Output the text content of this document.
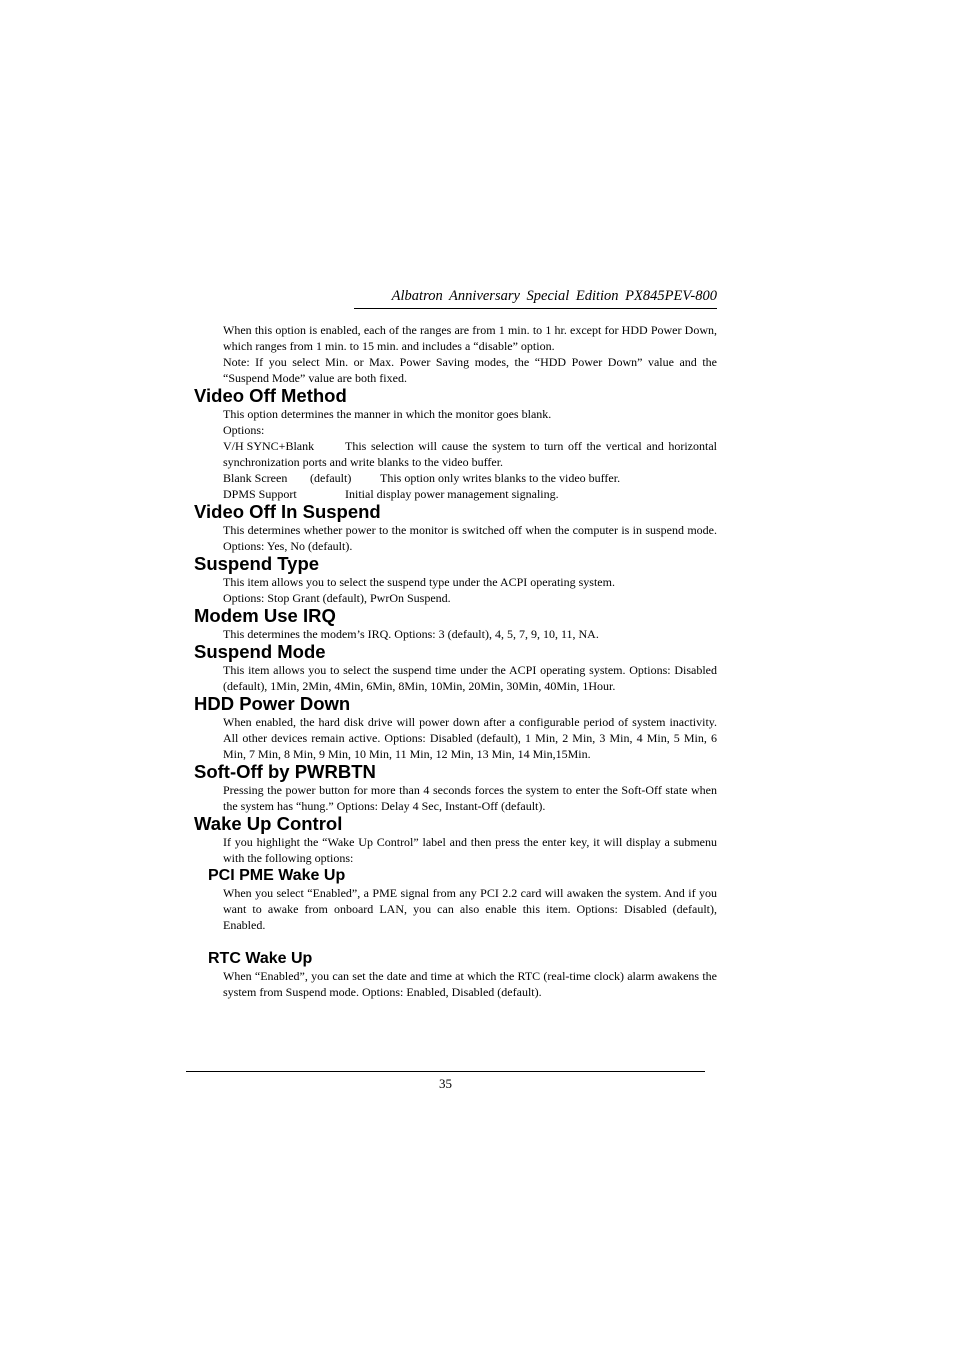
Albatron Anniversary Special Edition PX845PEV-800

When this option is enabled, each of the ranges are from 1 min. to 1 hr. except for HDD Power Down, which ranges from 1 min. to 15 min. and includes a “disable” option.

Note: If you select Min. or Max. Power Saving modes, the “HDD Power Down” value and the “Suspend Mode” value are both fixed.

Video Off Method

This option determines the manner in which the monitor goes blank.

Options:

V/H SYNC+Blank	This selection will cause the system to turn off the vertical and horizontal synchronization ports and write blanks to the video buffer.

Blank Screen (default) This option only writes blanks to the video buffer.
DPMS Support	Initial display power management signaling.
Video Off In Suspend

This determines whether power to the monitor is switched off when the computer is in suspend mode. Options: Yes, No (default).

Suspend Type

This item allows you to select the suspend type under the ACPI operating system.

Options: Stop Grant (default), PwrOn Suspend.

Modem Use IRQ

This determines the modem’s IRQ. Options: 3 (default), 4, 5, 7, 9, 10, 11, NA.

Suspend Mode

This item allows you to select the suspend time under the ACPI operating system. Options: Disabled (default), 1Min, 2Min, 4Min, 6Min, 8Min, 10Min, 20Min, 30Min, 40Min, 1Hour.

HDD Power Down

When enabled, the hard disk drive will power down after a configurable period of system inactivity. All other devices remain active. Options: Disabled (default), 1 Min, 2 Min, 3 Min, 4 Min, 5 Min, 6 Min, 7 Min, 8 Min, 9 Min, 10 Min, 11 Min, 12 Min, 13 Min, 14 Min,15Min.

Soft-Off by PWRBTN

Pressing the power button for more than 4 seconds forces the system to enter the Soft-Off state when the system has “hung.” Options: Delay 4 Sec, Instant-Off (default).

Wake Up Control

If you highlight the “Wake Up Control” label and then press the enter key, it will display a submenu with the following options:

PCI PME Wake Up

When you select “Enabled”, a PME signal from any PCI 2.2 card will awaken the system. And if you want to awake from onboard LAN, you can also enable this item. Options: Disabled (default), Enabled.

RTC Wake Up

When “Enabled”, you can set the date and time at which the RTC (real-time clock) alarm awakens the system from Suspend mode. Options: Enabled, Disabled (default).

35
